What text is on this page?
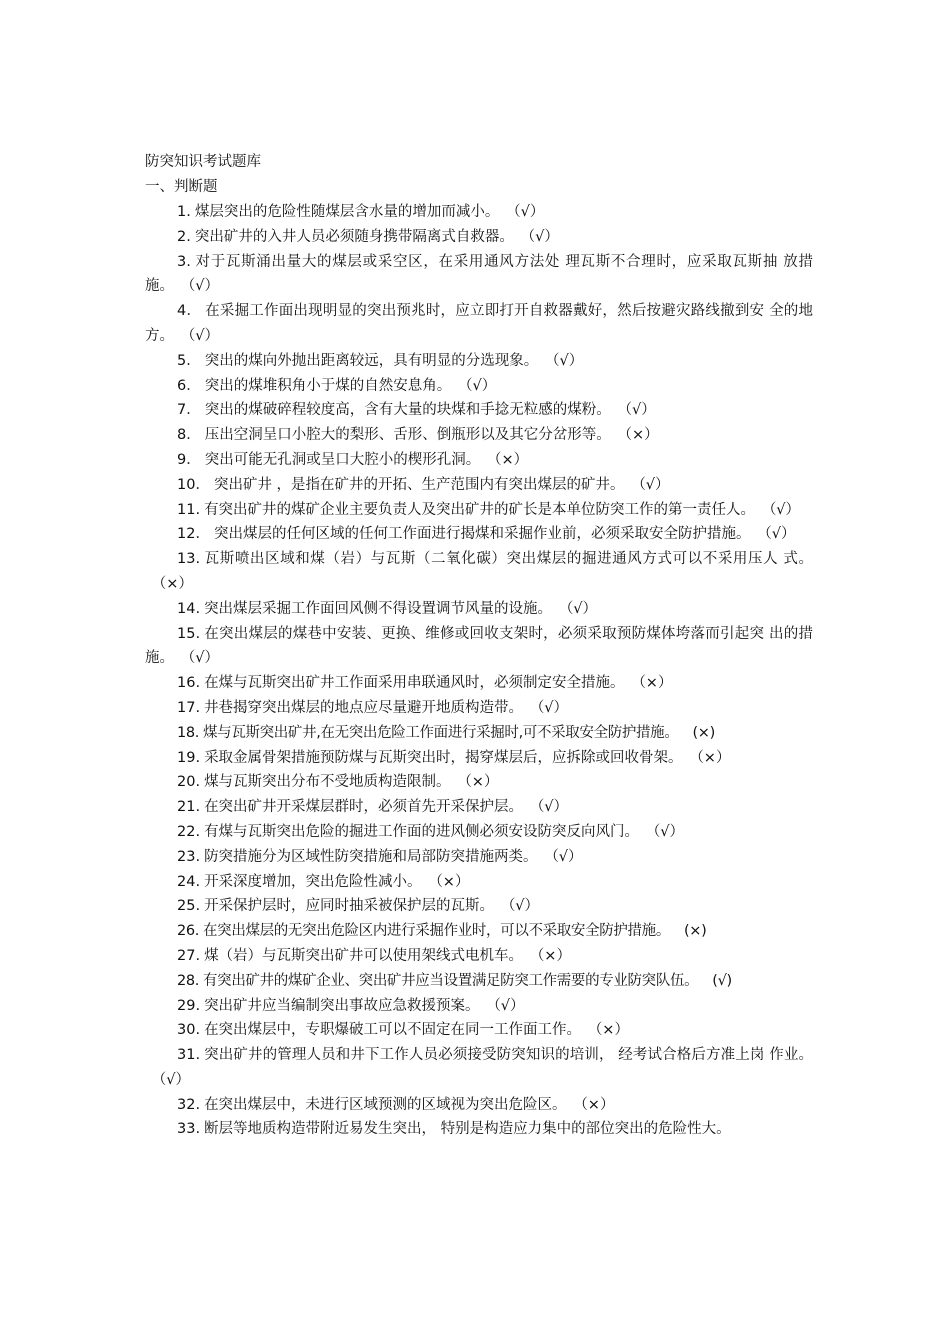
防突知识考试题库
一、判断题

1. 煤层突出的危险性随煤层含水量的增加而减小。 （√）

2. 突出矿井的入井人员必须随身携带隔离式自救器。 （√）

3. 对于瓦斯涌出量大的煤层或采空区，在采用通风方法处 理瓦斯不合理时，应采取瓦斯抽 放措施。 （√）

4． 在采掘工作面出现明显的突出预兆时，应立即打开自救器戴好，然后按避灾路线撤到安 全的地方。 （√）

5． 突出的煤向外抛出距离较远，具有明显的分选现象。 （√）

6． 突出的煤堆积角小于煤的自然安息角。 （√）

7． 突出的煤破碎程较度高，含有大量的块煤和手捻无粒感的煤粉。 （√）

8． 压出空洞呈口小腔大的梨形、舌形、倒瓶形以及其它分岔形等。 （×）

9． 突出可能无孔洞或呈口大腔小的楔形孔洞。 （×）

10． 突出矿井 ，是指在矿井的开拓、生产范围内有突出煤层的矿井。 （√）

11. 有突出矿井的煤矿企业主要负责人及突出矿井的矿长是本单位防突工作的第一责任人。 （√）

12． 突出煤层的任何区域的任何工作面进行揭煤和采掘作业前，必须采取安全防护措施。 （√）

13. 瓦斯喷出区域和煤（岩）与瓦斯（二氧化碳）突出煤层的掘进通风方式可以不采用压人 式。（×）

14. 突出煤层采掘工作面回风侧不得设置调节风量的设施。 （√）

15. 在突出煤层的煤巷中安装、更换、维修或回收支架时，必须采取预防煤体垮落而引起突 出的措施。 （√）

16. 在煤与瓦斯突出矿井工作面采用串联通风时，必须制定安全措施。 （×）

17. 井巷揭穿突出煤层的地点应尽量避开地质构造带。 （√）

18. 煤与瓦斯突出矿井,在无突出危险工作面进行采掘时,可不采取安全防护措施。 (×)

19. 采取金属骨架措施预防煤与瓦斯突出时，揭穿煤层后，应拆除或回收骨架。 （×）

20. 煤与瓦斯突出分布不受地质构造限制。 （×）

21. 在突出矿井开采煤层群时，必须首先开采保护层。 （√）

22. 有煤与瓦斯突出危险的掘进工作面的进风侧必须安设防突反向风门。 （√）

23. 防突措施分为区域性防突措施和局部防突措施两类。 （√）

24. 开采深度增加，突出危险性减小。 （×）

25. 开采保护层时，应同时抽采被保护层的瓦斯。 （√）

26. 在突出煤层的无突出危险区内进行采掘作业时，可以不采取安全防护措施。 (×)

27. 煤（岩）与瓦斯突出矿井可以使用架线式电机车。 （×）

28. 有突出矿井的煤矿企业、突出矿井应当设置满足防突工作需要的专业防突队伍。 (√)

29. 突出矿井应当编制突出事故应急救援预案。 （√）

30. 在突出煤层中，专职爆破工可以不固定在同一工作面工作。 （×）

31. 突出矿井的管理人员和井下工作人员必须接受防突知识的培训， 经考试合格后方准上岗 作业。（√）

32. 在突出煤层中，未进行区域预测的区域视为突出危险区。 （×）

33. 断层等地质构造带附近易发生突出， 特别是构造应力集中的部位突出的危险性大。
